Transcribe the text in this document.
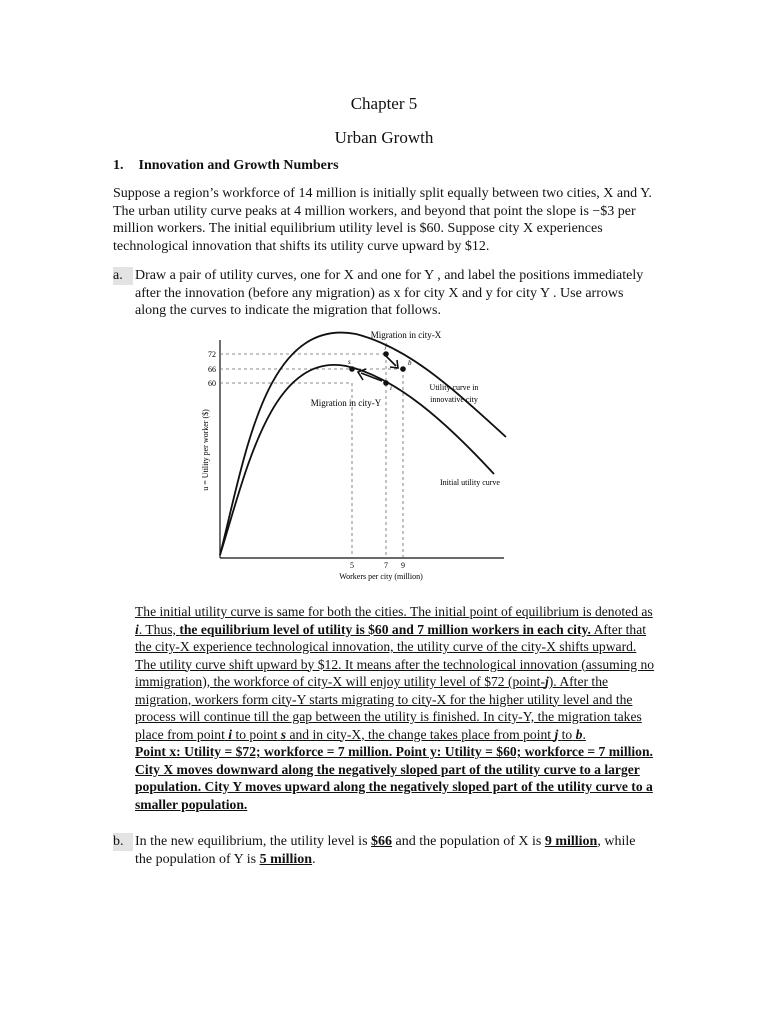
Chapter 5
Urban Growth
1. Innovation and Growth Numbers
Suppose a region’s workforce of 14 million is initially split equally between two cities, X and Y. The urban utility curve peaks at 4 million workers, and beyond that point the slope is −$3 per million workers. The initial equilibrium utility level is $60. Suppose city X experiences technological innovation that shifts its utility curve upward by $12.
a. Draw a pair of utility curves, one for X and one for Y , and label the positions immediately after the innovation (before any migration) as x for city X and y for city Y . Use arrows along the curves to indicate the migration that follows.
72
66
60
5	7 9
Workers per city (million)
u = Utility per worker ($)
Migration in city-X
Migration in city-Y
Utility curve in
innovative city
Initial utility curve
j
b
s
i
The initial utility curve is same for both the cities. The initial point of equilibrium is denoted as i. Thus, the equilibrium level of utility is $60 and 7 million workers in each city. After that the city-X experience technological innovation, the utility curve of the city-X shifts upward. The utility curve shift upward by $12. It means after the technological innovation (assuming no immigration), the workforce of city-X will enjoy utility level of $72 (point-j). After the migration, workers form city-Y starts migrating to city-X for the higher utility level and the process will continue till the gap between the utility is finished. In city-Y, the migration takes place from point i to point s and in city-X, the change takes place from point j to b.
Point x: Utility = $72; workforce = 7 million. Point y: Utility = $60; workforce = 7 million. City X moves downward along the negatively sloped part of the utility curve to a larger population. City Y moves upward along the negatively sloped part of the utility curve to a smaller population.
b. In the new equilibrium, the utility level is $66 and the population of X is 9 million, while the population of Y is 5 million.
